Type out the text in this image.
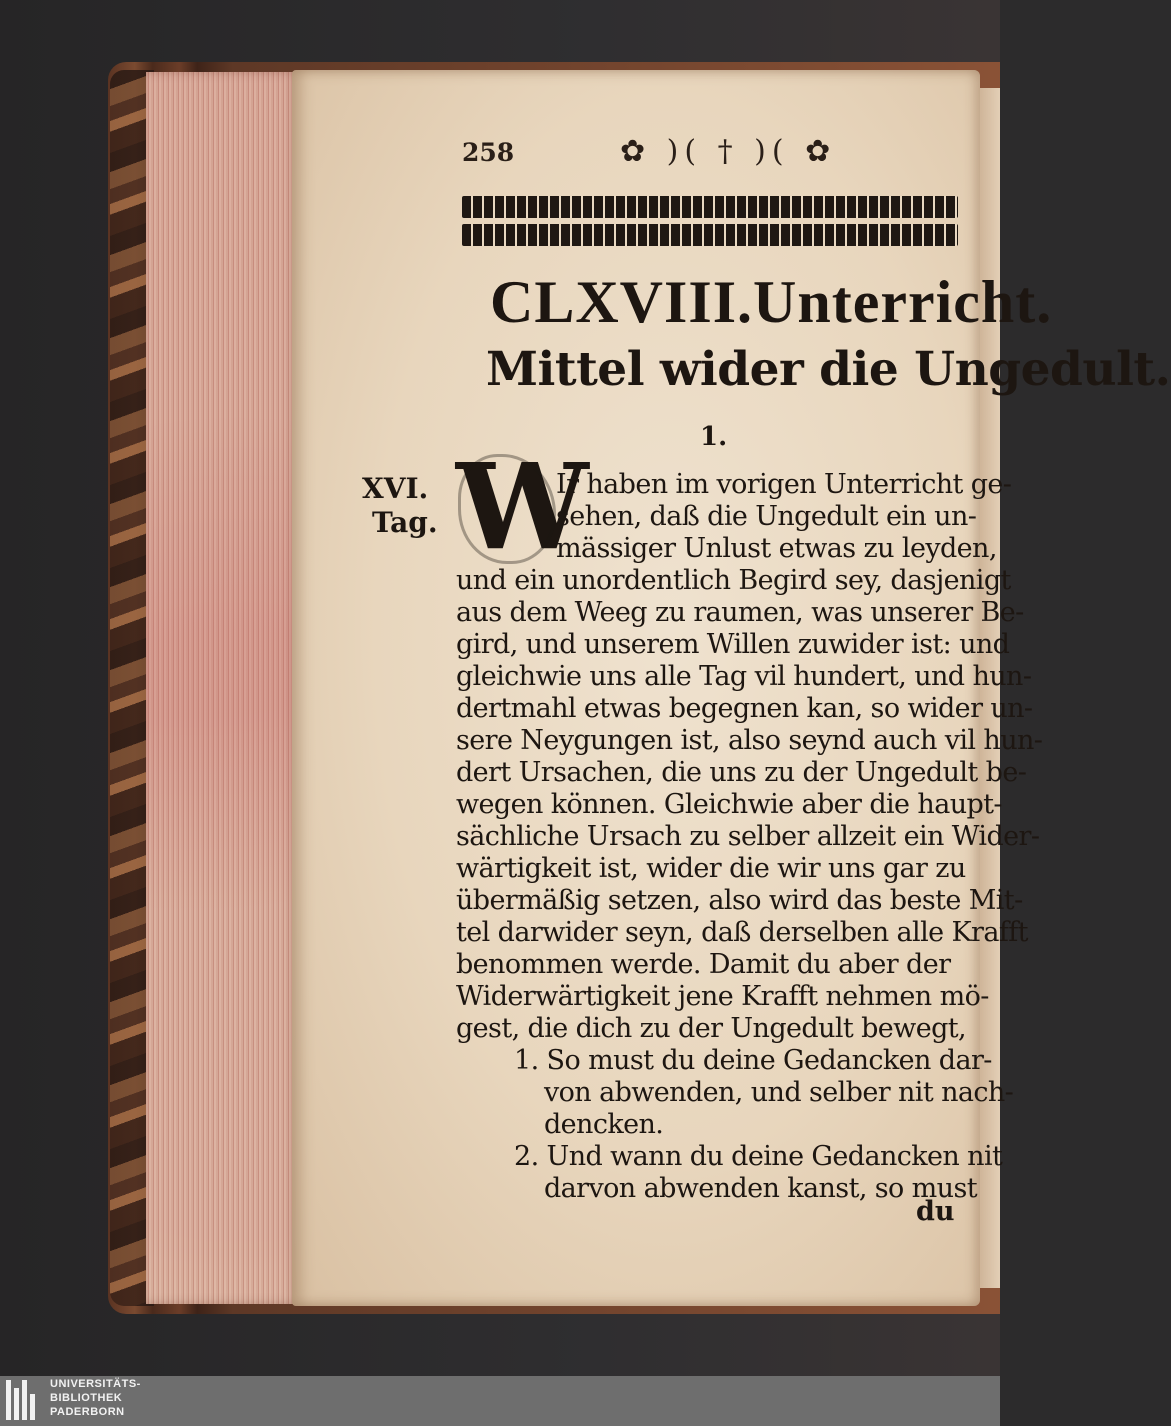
258	✿ )( † )( ✿
CLXVIII.Unterricht.
Mittel wider die Ungedult.
1.
XVI.
Tag. W
Ir haben im vorigen Unterricht ge-
sehen, daß die Ungedult ein un-
mässiger Unlust etwas zu leyden,
und ein unordentlich Begird sey, dasjenigt
aus dem Weeg zu raumen, was unserer Be-
gird, und unserem Willen zuwider ist: und
gleichwie uns alle Tag vil hundert, und hun-
dertmahl etwas begegnen kan, so wider un-
sere Neygungen ist, also seynd auch vil hun-
dert Ursachen, die uns zu der Ungedult be-
wegen können. Gleichwie aber die haupt-
sächliche Ursach zu selber allzeit ein Wider-
wärtigkeit ist, wider die wir uns gar zu
übermäßig setzen, also wird das beste Mit-
tel darwider seyn, daß derselben alle Krafft
benommen werde. Damit du aber der
Widerwärtigkeit jene Krafft nehmen mö-
gest, die dich zu der Ungedult bewegt,
1. So must du deine Gedancken dar-
von abwenden, und selber nit nach-
dencken.
2. Und wann du deine Gedancken nit
darvon abwenden kanst, so must
du
UNIVERSITÄTS-
BIBLIOTHEK
PADERBORN
